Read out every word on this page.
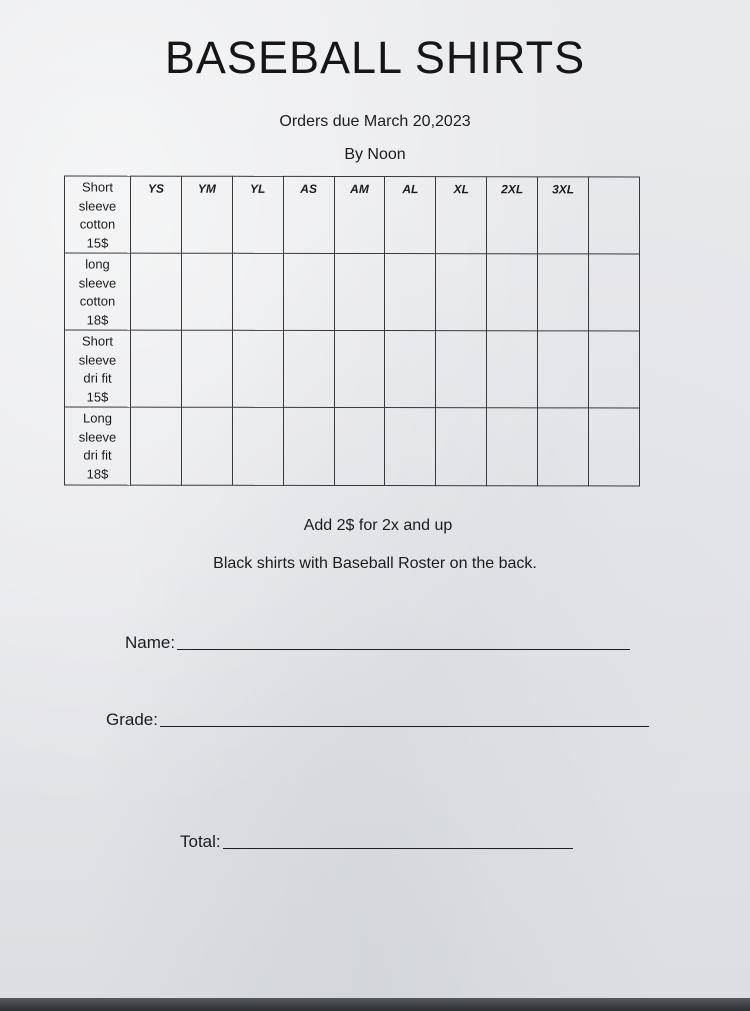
BASEBALL SHIRTS
Orders due March 20,2023
By Noon
Short
sleeve
cotton
15$	YS	YM	YL	AS	AM	AL	XL	2XL	3XL	

long
sleeve
cotton
18$										

Short
sleeve
dri fit
15$										

Long
sleeve
dri fit
18$										

Add 2$ for 2x and up
Black shirts with Baseball Roster on the back.
Name:
Grade:
Total:
